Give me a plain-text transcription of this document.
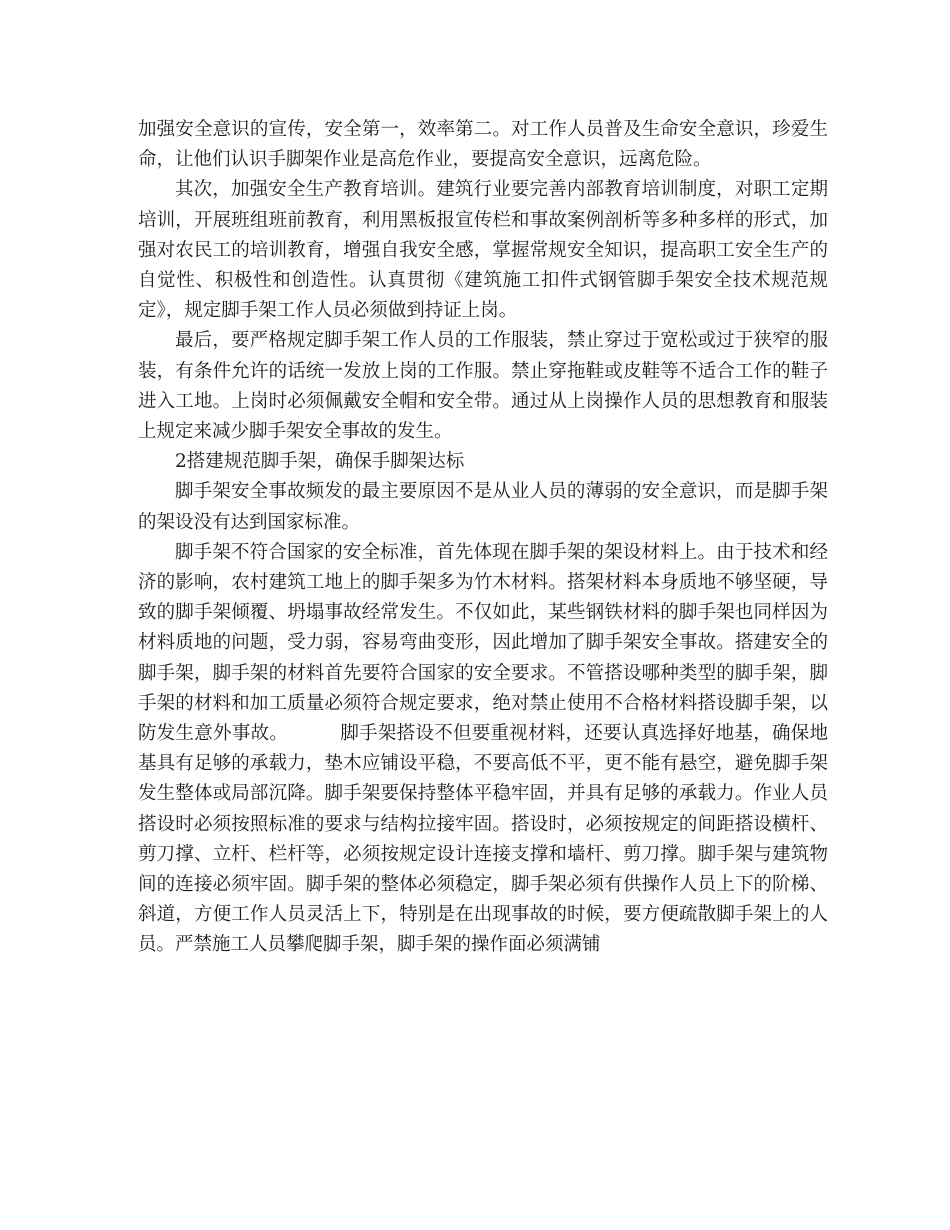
加强安全意识的宣传，安全第一，效率第二。对工作人员普及生命安全意识，珍爱生命，让他们认识手脚架作业是高危作业，要提高安全意识，远离危险。

其次，加强安全生产教育培训。建筑行业要完善内部教育培训制度，对职工定期培训，开展班组班前教育，利用黑板报宣传栏和事故案例剖析等多种多样的形式，加强对农民工的培训教育，增强自我安全感，掌握常规安全知识，提高职工安全生产的自觉性、积极性和创造性。认真贯彻《建筑施工扣件式钢管脚手架安全技术规范规定》，规定脚手架工作人员必须做到持证上岗。

最后，要严格规定脚手架工作人员的工作服装，禁止穿过于宽松或过于狭窄的服装，有条件允许的话统一发放上岗的工作服。禁止穿拖鞋或皮鞋等不适合工作的鞋子进入工地。上岗时必须佩戴安全帽和安全带。通过从上岗操作人员的思想教育和服装上规定来减少脚手架安全事故的发生。

2搭建规范脚手架，确保手脚架达标

脚手架安全事故频发的最主要原因不是从业人员的薄弱的安全意识，而是脚手架的架设没有达到国家标准。

脚手架不符合国家的安全标准，首先体现在脚手架的架设材料上。由于技术和经济的影响，农村建筑工地上的脚手架多为竹木材料。搭架材料本身质地不够坚硬，导致的脚手架倾覆、坍塌事故经常发生。不仅如此，某些钢铁材料的脚手架也同样因为材料质地的问题，受力弱，容易弯曲变形，因此增加了脚手架安全事故。搭建安全的脚手架，脚手架的材料首先要符合国家的安全要求。不管搭设哪种类型的脚手架，脚手架的材料和加工质量必须符合规定要求，绝对禁止使用不合格材料搭设脚手架，以防发生意外事故。	脚手架搭设不但要重视材料，还要认真选择好地基，确保地基具有足够的承载力，垫木应铺设平稳，不要高低不平，更不能有悬空，避免脚手架发生整体或局部沉降。脚手架要保持整体平稳牢固，并具有足够的承载力。作业人员搭设时必须按照标准的要求与结构拉接牢固。搭设时，必须按规定的间距搭设横杆、剪刀撑、立杆、栏杆等，必须按规定设计连接支撑和墙杆、剪刀撑。脚手架与建筑物间的连接必须牢固。脚手架的整体必须稳定，脚手架必须有供操作人员上下的阶梯、斜道，方便工作人员灵活上下，特别是在出现事故的时候，要方便疏散脚手架上的人员。严禁施工人员攀爬脚手架，脚手架的操作面必须满铺
